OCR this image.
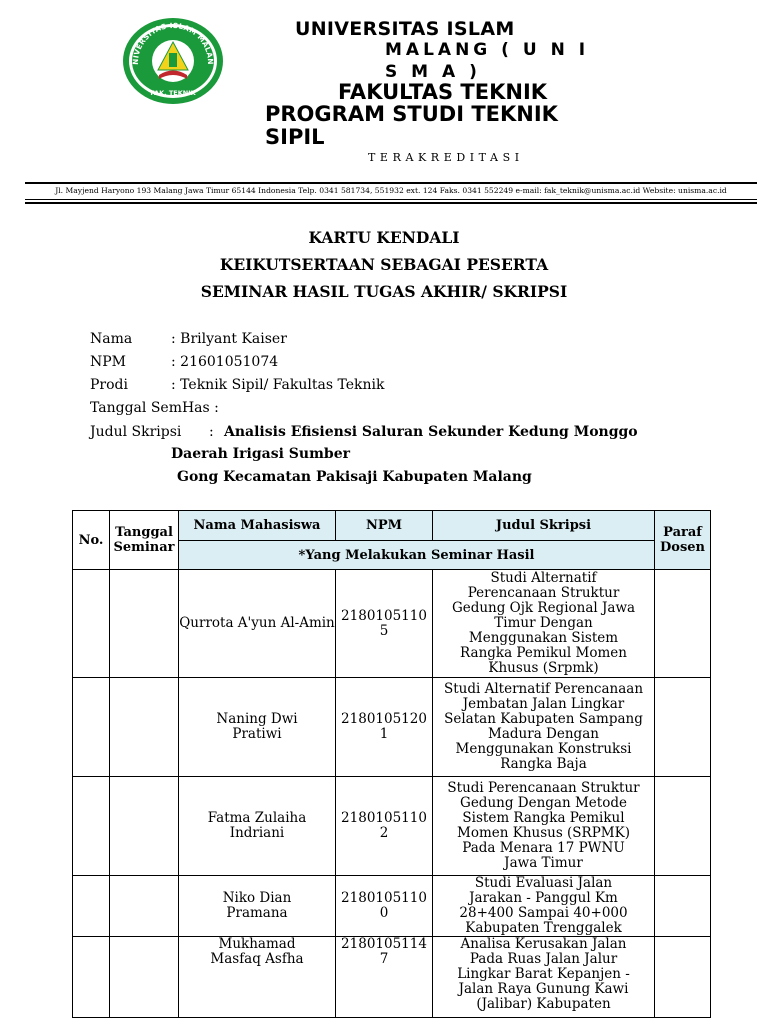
NIVERSITAS ISLAM MALAN
FAK. TEKNIK
UNIVERSITAS ISLAM
MALANG ( U N I S M A )
FAKULTAS TEKNIK
PROGRAM STUDI TEKNIK SIPIL
TERAKREDITASI
Jl. Mayjend Haryono 193 Malang Jawa Timur 65144 Indonesia Telp. 0341 581734, 551932 ext. 124 Faks. 0341 552249 e-mail: fak_teknik@unisma.ac.id Website: unisma.ac.id
KARTU KENDALI
KEIKUTSERTAAN SEBAGAI PESERTA
SEMINAR HASIL TUGAS AKHIR/ SKRIPSI
Nama	: Brilyant Kaiser
NPM	: 21601051074
Prodi	: Teknik Sipil/ Fakultas Teknik
Tanggal SemHas :
Judul Skripsi : Analisis Efisiensi Saluran Sekunder Kedung Monggo
Daerah Irigasi Sumber
Gong Kecamatan Pakisaji Kabupaten Malang
No.	Tanggal Seminar	Nama Mahasiswa	NPM	Judul Skripsi	Paraf Dosen
		*Yang Melakukan Seminar Hasil			
		Qurrota A'yun Al-Amin	21801051105	Studi Alternatif Perencanaan Struktur Gedung Ojk Regional Jawa Timur Dengan Menggunakan Sistem Rangka Pemikul Momen Khusus (Srpmk)	
		Naning Dwi Pratiwi	21801051201	Studi Alternatif Perencanaan Jembatan Jalan Lingkar Selatan Kabupaten Sampang Madura Dengan Menggunakan Konstruksi Rangka Baja	
		Fatma Zulaiha Indriani	21801051102	Studi Perencanaan Struktur Gedung Dengan Metode Sistem Rangka Pemikul Momen Khusus (SRPMK) Pada Menara 17 PWNU Jawa Timur	
		Niko Dian Pramana	21801051100	Studi Evaluasi Jalan Jarakan - Panggul Km 28+400 Sampai 40+000 Kabupaten Trenggalek	
		Mukhamad Masfaq Asfha	21801051147	Analisa Kerusakan Jalan Pada Ruas Jalan Jalur Lingkar Barat Kepanjen - Jalan Raya Gunung Kawi (Jalibar) Kabupaten	
